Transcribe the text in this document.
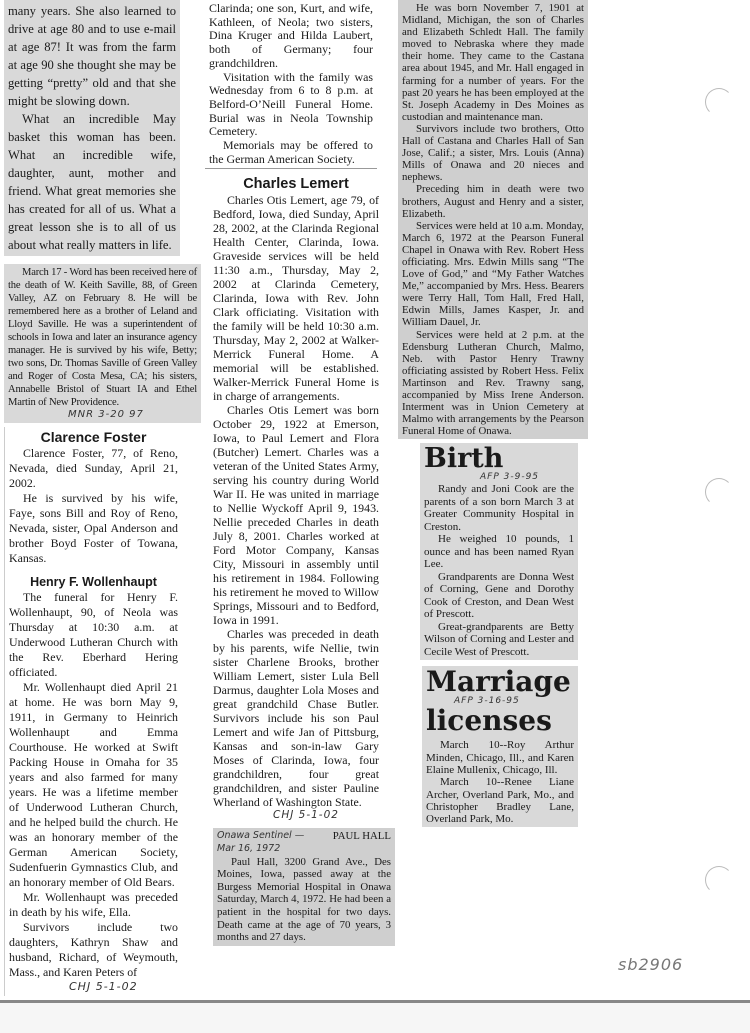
many years. She also learned to drive at age 80 and to use e-mail at age 87! It was from the farm at age 90 she thought she may be getting “pretty” old and that she might be slowing down.

What an incredible May basket this woman has been. What an incredible wife, daughter, aunt, mother and friend. What great memories she has created for all of us. What a great lesson she is to all of us about what really matters in life.

March 17 - Word has been received here of the death of W. Keith Saville, 88, of Green Valley, AZ on February 8. He will be remembered here as a brother of Leland and Lloyd Saville. He was a superintendent of schools in Iowa and later an insurance agency manager. He is survived by his wife, Betty; two sons, Dr. Thomas Saville of Green Valley and Roger of Costa Mesa, CA; his sisters, Annabelle Bristol of Stuart IA and Ethel Martin of New Providence.

MNR 3-20 97
Clarence Foster

Clarence Foster, 77, of Reno, Nevada, died Sunday, April 21, 2002.

He is survived by his wife, Faye, sons Bill and Roy of Reno, Nevada, sister, Opal Anderson and brother Boyd Foster of Towana, Kansas.

Henry F. Wollenhaupt

The funeral for Henry F. Wollenhaupt, 90, of Neola was Thursday at 10:30 a.m. at Underwood Lutheran Church with the Rev. Eberhard Hering officiated.

Mr. Wollenhaupt died April 21 at home. He was born May 9, 1911, in Germany to Heinrich Wollenhaupt and Emma Courthouse. He worked at Swift Packing House in Omaha for 35 years and also farmed for many years. He was a lifetime member of Underwood Lutheran Church, and he helped build the church. He was an honorary member of the German American Society, Sudenfuerin Gymnastics Club, and an honorary member of Old Bears.

Mr. Wollenhaupt was preceded in death by his wife, Ella.

Survivors include two daughters, Kathryn Shaw and husband, Richard, of Weymouth, Mass., and Karen Peters of

CHJ 5-1-02

Clarinda; one son, Kurt, and wife, Kathleen, of Neola; two sisters, Dina Kruger and Hilda Laubert, both of Germany; four grandchildren.

Visitation with the family was Wednesday from 6 to 8 p.m. at Belford-O’Neill Funeral Home. Burial was in Neola Township Cemetery.

Memorials may be offered to the German American Society.

Charles Lemert

Charles Otis Lemert, age 79, of Bedford, Iowa, died Sunday, April 28, 2002, at the Clarinda Regional Health Center, Clarinda, Iowa. Graveside services will be held 11:30 a.m., Thursday, May 2, 2002 at Clarinda Cemetery, Clarinda, Iowa with Rev. John Clark officiating. Visitation with the family will be held 10:30 a.m. Thursday, May 2, 2002 at Walker-Merrick Funeral Home. A memorial will be established. Walker-Merrick Funeral Home is in charge of arrangements.

Charles Otis Lemert was born October 29, 1922 at Emerson, Iowa, to Paul Lemert and Flora (Butcher) Lemert. Charles was a veteran of the United States Army, serving his country during World War II. He was united in marriage to Nellie Wyckoff April 9, 1943. Nellie preceded Charles in death July 8, 2001. Charles worked at Ford Motor Company, Kansas City, Missouri in assembly until his retirement in 1984. Following his retirement he moved to Willow Springs, Missouri and to Bedford, Iowa in 1991.

Charles was preceded in death by his parents, wife Nellie, twin sister Charlene Brooks, brother William Lemert, sister Lula Bell Darmus, daughter Lola Moses and great grandchild Chase Butler. Survivors include his son Paul Lemert and wife Jan of Pittsburg, Kansas and son-in-law Gary Moses of Clarinda, Iowa, four grandchildren, four great grandchildren, and sister Pauline Wherland of Washington State.

CHJ 5-1-02
Onawa Sentinel —	PAUL HALL
Mar 16, 1972

Paul Hall, 3200 Grand Ave., Des Moines, Iowa, passed away at the Burgess Memorial Hospital in Onawa Saturday, March 4, 1972. He had been a patient in the hospital for two days. Death came at the age of 70 years, 3 months and 27 days.

He was born November 7, 1901 at Midland, Michigan, the son of Charles and Elizabeth Schledt Hall. The family moved to Nebraska where they made their home. They came to the Castana area about 1945, and Mr. Hall engaged in farming for a number of years. For the past 20 years he has been employed at the St. Joseph Academy in Des Moines as custodian and maintenance man.

Survivors include two brothers, Otto Hall of Castana and Charles Hall of San Jose, Calif.; a sister, Mrs. Louis (Anna) Mills of Onawa and 20 nieces and nephews.

Preceding him in death were two brothers, August and Henry and a sister, Elizabeth.

Services were held at 10 a.m. Monday, March 6, 1972 at the Pearson Funeral Chapel in Onawa with Rev. Robert Hess officiating. Mrs. Edwin Mills sang “The Love of God,” and “My Father Watches Me,” accompanied by Mrs. Hess. Bearers were Terry Hall, Tom Hall, Fred Hall, Edwin Mills, James Kasper, Jr. and William Dauel, Jr.

Services were held at 2 p.m. at the Edensburg Lutheran Church, Malmo, Neb. with Pastor Henry Trawny officiating assisted by Robert Hess. Felix Martinson and Rev. Trawny sang, accompanied by Miss Irene Anderson. Interment was in Union Cemetery at Malmo with arrangements by the Pearson Funeral Home of Onawa.

Birth
AFP 3-9-95

Randy and Joni Cook are the parents of a son born March 3 at Greater Community Hospital in Creston.

He weighed 10 pounds, 1 ounce and has been named Ryan Lee.

Grandparents are Donna West of Corning, Gene and Dorothy Cook of Creston, and Dean West of Prescott.

Great-grandparents are Betty Wilson of Corning and Lester and Cecile West of Prescott.

Marriage
AFP 3-16-95
licenses

March 10--Roy Arthur Minden, Chicago, Ill., and Karen Elaine Mullenix, Chicago, Ill.

March 10--Renee Liane Archer, Overland Park, Mo., and Christopher Bradley Lane, Overland Park, Mo.

sb2906
